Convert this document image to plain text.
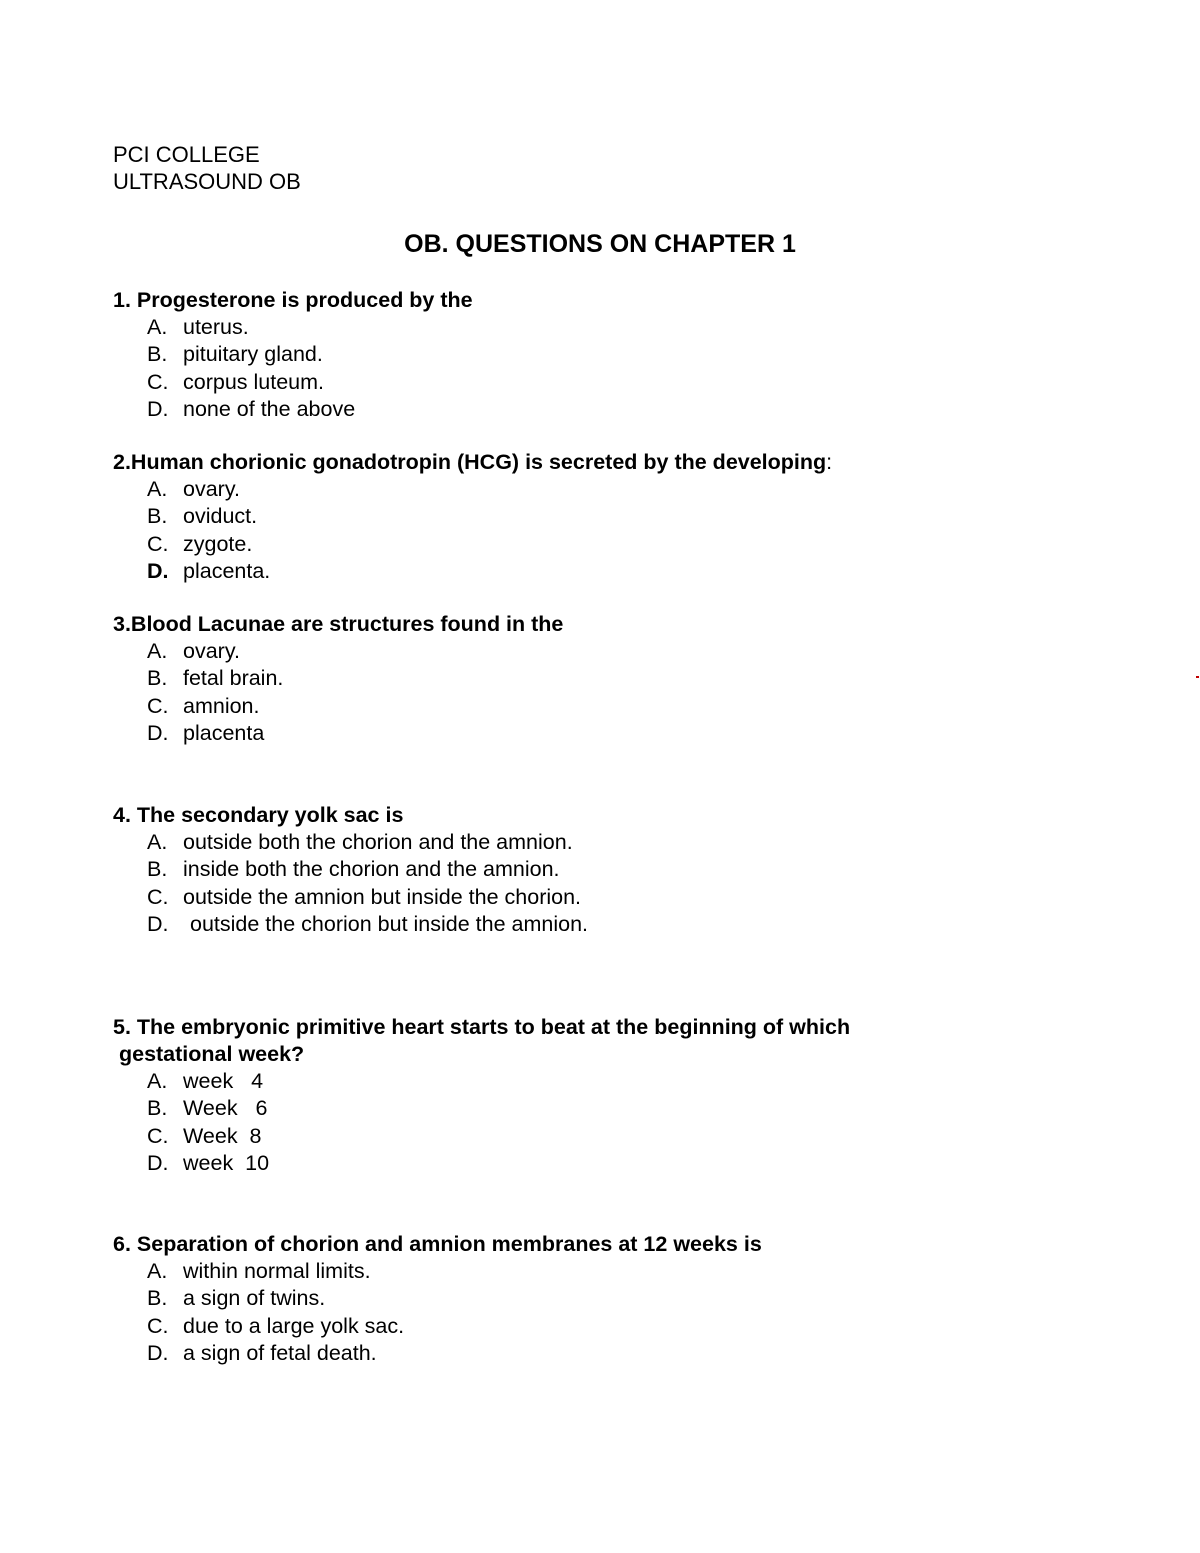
PCI COLLEGE
ULTRASOUND OB
OB. QUESTIONS ON CHAPTER 1
1. Progesterone is produced by the
A. uterus.
B. pituitary gland.
C. corpus luteum.
D. none of the above
2.Human chorionic gonadotropin (HCG) is secreted by the developing:
A. ovary.
B. oviduct.
C. zygote.
D. placenta.
3.Blood Lacunae are structures found in the
A. ovary.
B. fetal brain.
C. amnion.
D. placenta
4. The secondary yolk sac is
A. outside both the chorion and the amnion.
B. inside both the chorion and the amnion.
C. outside the amnion but inside the chorion.
D. outside the chorion but inside the amnion.
5. The embryonic primitive heart starts to beat at the beginning of which
gestational week?
A. week   4
B. Week   6
C. Week  8
D. week  10
6. Separation of chorion and amnion membranes at 12 weeks is
A. within normal limits.
B. a sign of twins.
C. due to a large yolk sac.
D. a sign of fetal death.
